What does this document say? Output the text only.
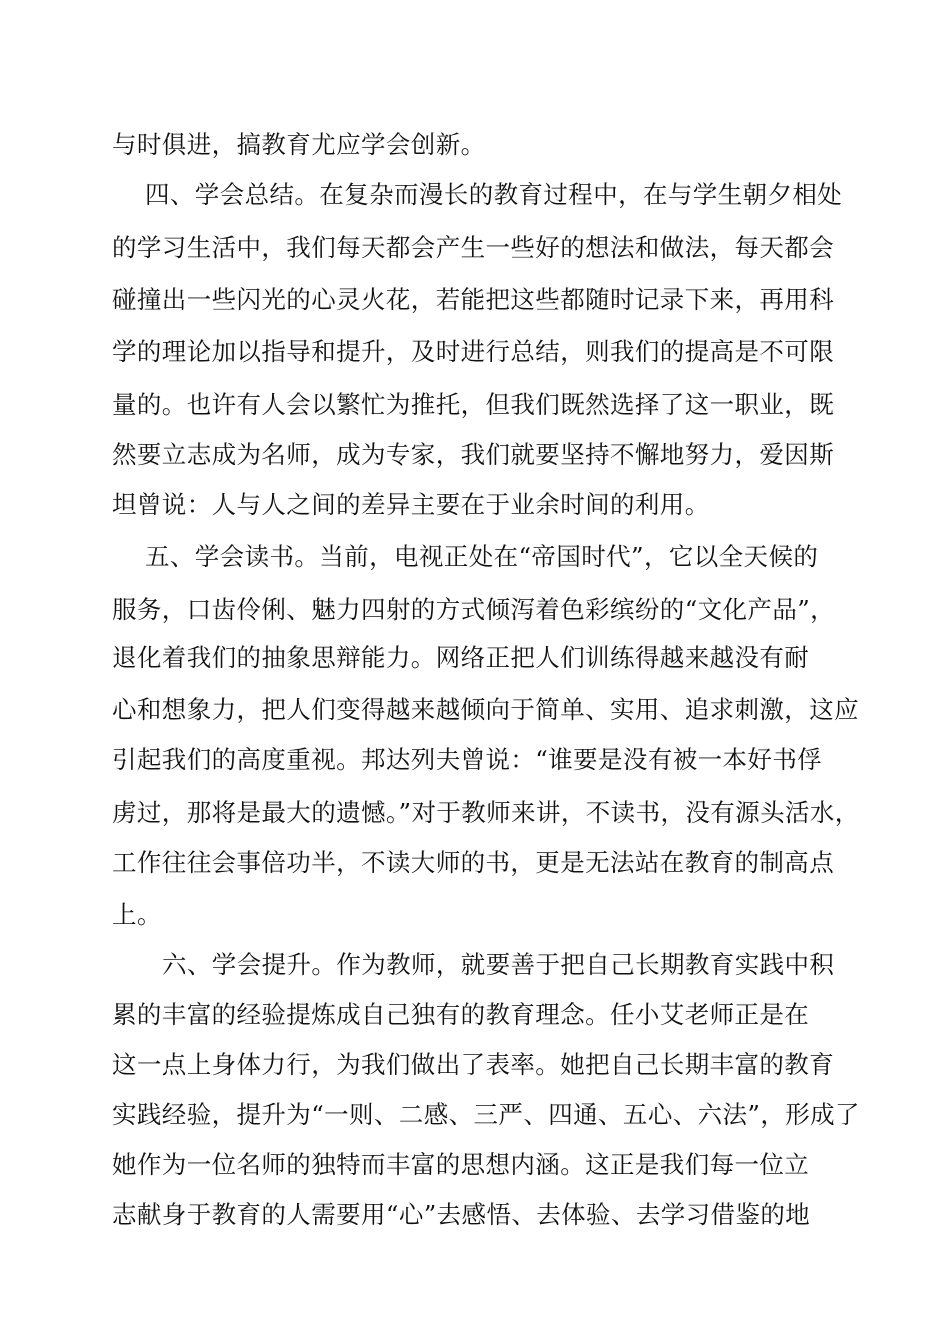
与时俱进，搞教育尤应学会创新。
四、学会总结。在复杂而漫长的教育过程中，在与学生朝夕相处
的学习生活中，我们每天都会产生一些好的想法和做法，每天都会
碰撞出一些闪光的心灵火花，若能把这些都随时记录下来，再用科
学的理论加以指导和提升，及时进行总结，则我们的提高是不可限
量的。也许有人会以繁忙为推托，但我们既然选择了这一职业，既
然要立志成为名师，成为专家，我们就要坚持不懈地努力，爱因斯
坦曾说：人与人之间的差异主要在于业余时间的利用。
五、学会读书。当前，电视正处在“帝国时代”，它以全天候的
服务，口齿伶俐、魅力四射的方式倾泻着色彩缤纷的“文化产品”，
退化着我们的抽象思辩能力。网络正把人们训练得越来越没有耐
心和想象力，把人们变得越来越倾向于简单、实用、追求刺激，这应
引起我们的高度重视。邦达列夫曾说：“谁要是没有被一本好书俘
虏过，那将是最大的遗憾。”对于教师来讲，不读书，没有源头活水，
工作往往会事倍功半，不读大师的书，更是无法站在教育的制高点
上。
六、学会提升。作为教师，就要善于把自己长期教育实践中积
累的丰富的经验提炼成自己独有的教育理念。任小艾老师正是在
这一点上身体力行，为我们做出了表率。她把自己长期丰富的教育
实践经验，提升为“一则、二感、三严、四通、五心、六法”，形成了
她作为一位名师的独特而丰富的思想内涵。这正是我们每一位立
志献身于教育的人需要用“心”去感悟、去体验、去学习借鉴的地
